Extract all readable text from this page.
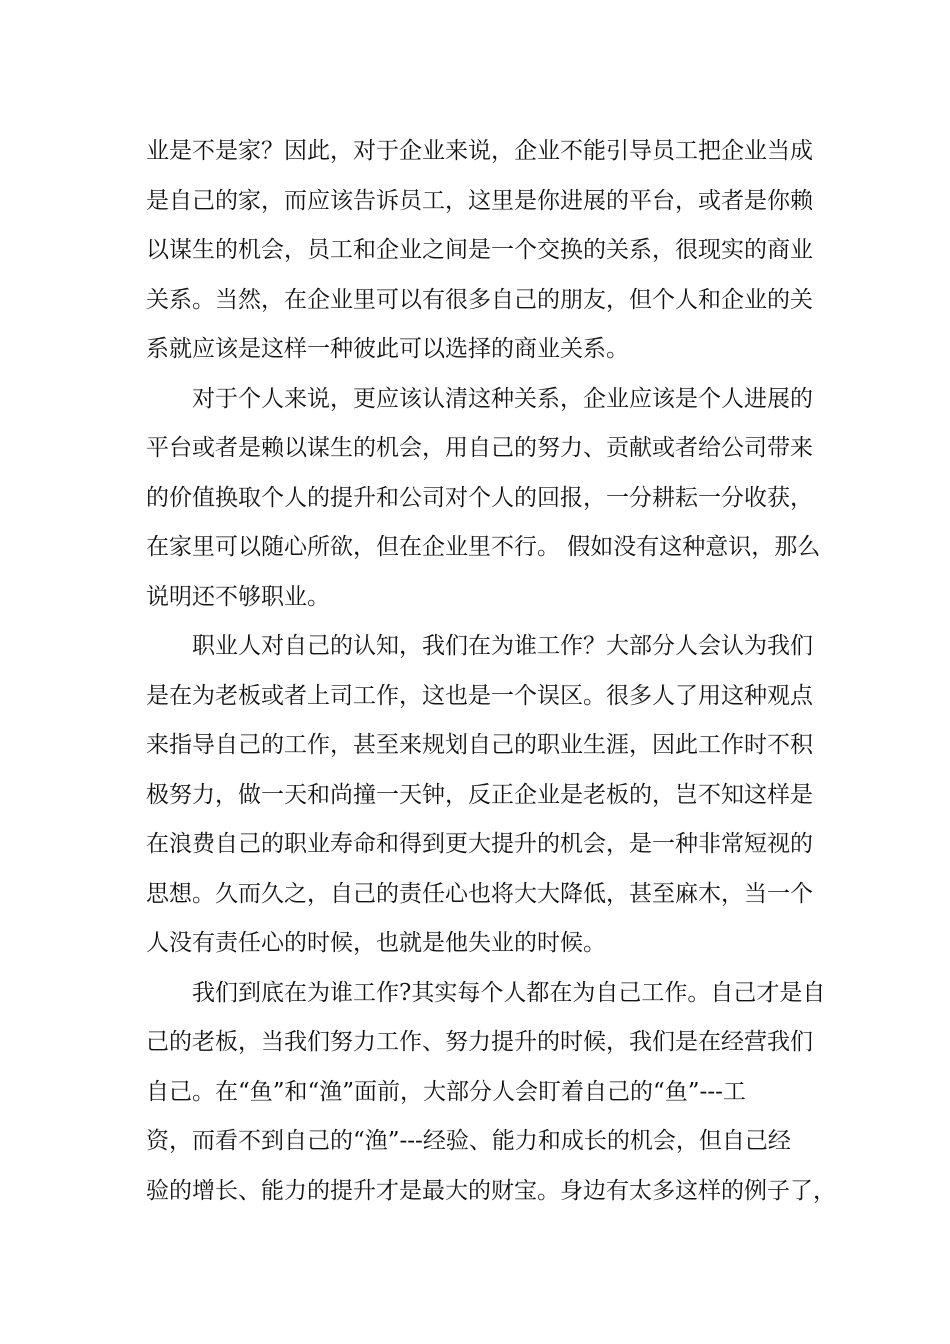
业是不是家？因此，对于企业来说，企业不能引导员工把企业当成
是自己的家，而应该告诉员工，这里是你进展的平台，或者是你赖
以谋生的机会，员工和企业之间是一个交换的关系，很现实的商业
关系。当然，在企业里可以有很多自己的朋友，但个人和企业的关
系就应该是这样一种彼此可以选择的商业关系。
对于个人来说，更应该认清这种关系，企业应该是个人进展的
平台或者是赖以谋生的机会，用自己的努力、贡献或者给公司带来
的价值换取个人的提升和公司对个人的回报，一分耕耘一分收获，
在家里可以随心所欲，但在企业里不行。 假如没有这种意识，那么
说明还不够职业。
职业人对自己的认知，我们在为谁工作？大部分人会认为我们
是在为老板或者上司工作，这也是一个误区。很多人了用这种观点
来指导自己的工作，甚至来规划自己的职业生涯，因此工作时不积
极努力，做一天和尚撞一天钟，反正企业是老板的，岂不知这样是
在浪费自己的职业寿命和得到更大提升的机会，是一种非常短视的
思想。久而久之，自己的责任心也将大大降低，甚至麻木，当一个
人没有责任心的时候，也就是他失业的时候。
我们到底在为谁工作?其实每个人都在为自己工作。自己才是自
己的老板，当我们努力工作、努力提升的时候，我们是在经营我们
自己。在“鱼”和“渔”面前，大部分人会盯着自己的“鱼”---工
资，而看不到自己的“渔”---经验、能力和成长的机会，但自己经
验的增长、能力的提升才是最大的财宝。身边有太多这样的例子了，
